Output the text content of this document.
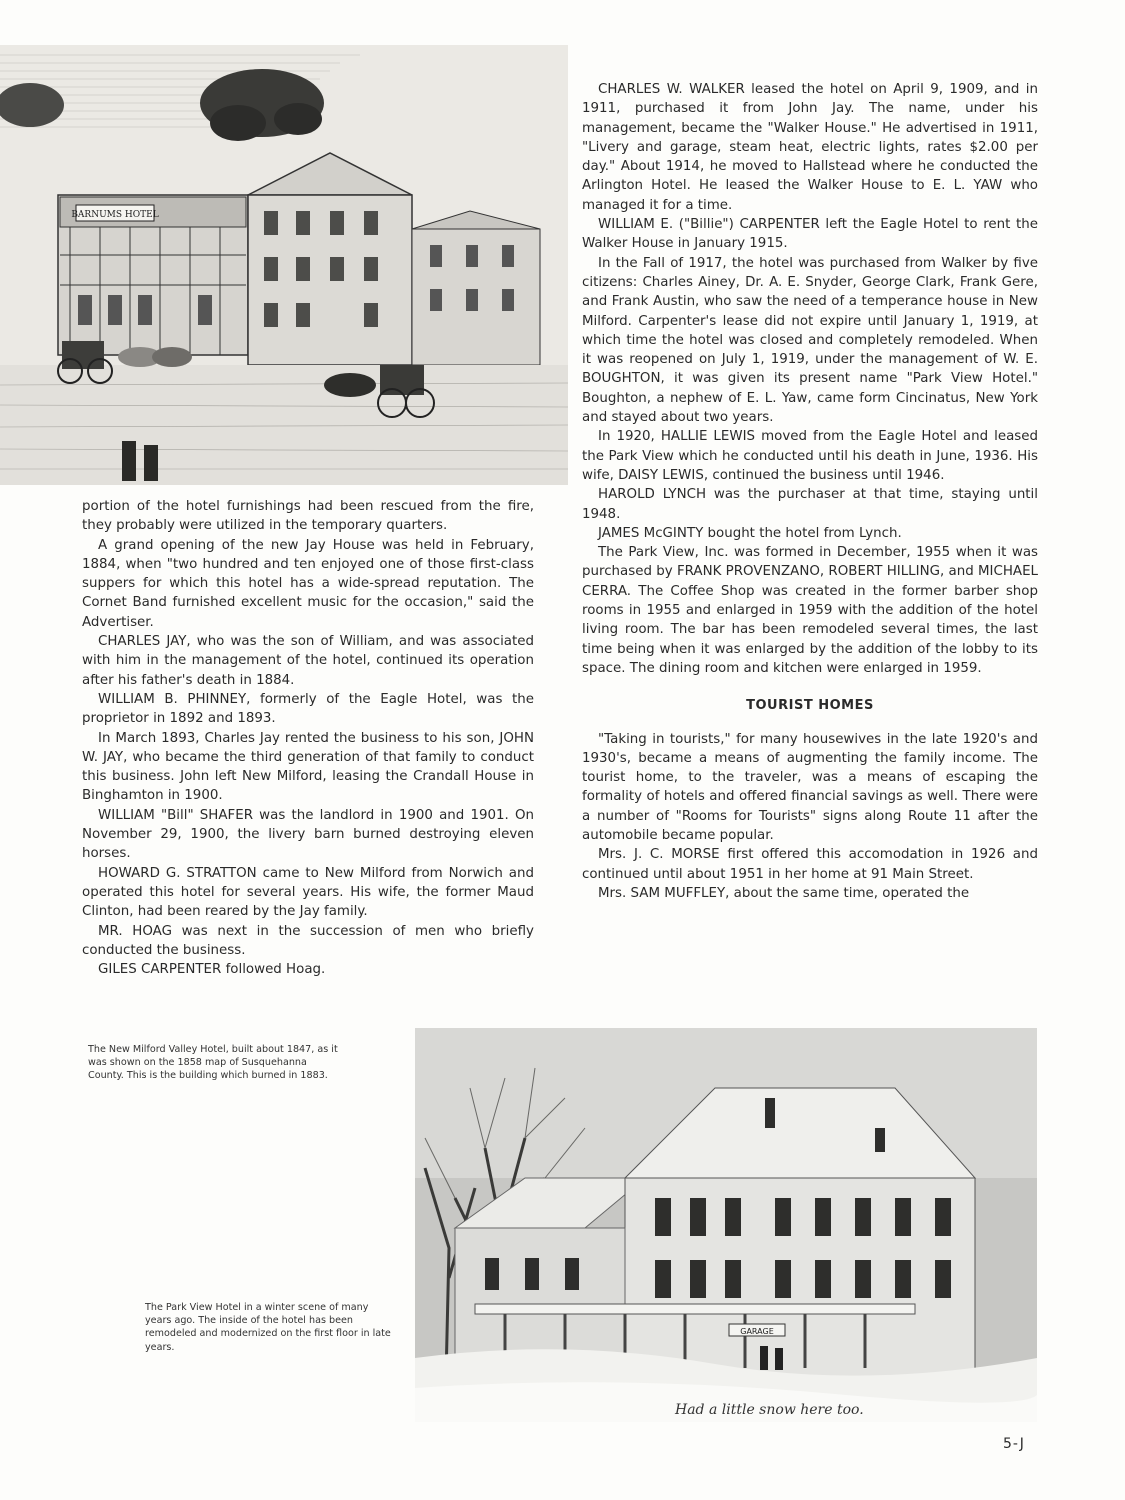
BARNUMS HOTEL

portion of the hotel furnishings had been rescued from the fire, they probably were utilized in the temporary quarters.

A grand opening of the new Jay House was held in February, 1884, when "two hundred and ten enjoyed one of those first-class suppers for which this hotel has a wide-spread reputation. The Cornet Band furnished excellent music for the occasion," said the Advertiser.

CHARLES JAY, who was the son of William, and was associated with him in the management of the hotel, continued its operation after his father's death in 1884.

WILLIAM B. PHINNEY, formerly of the Eagle Hotel, was the proprietor in 1892 and 1893.

In March 1893, Charles Jay rented the business to his son, JOHN W. JAY, who became the third generation of that family to conduct this business. John left New Milford, leasing the Crandall House in Binghamton in 1900.

WILLIAM "Bill" SHAFER was the landlord in 1900 and 1901. On November 29, 1900, the livery barn burned destroying eleven horses.

HOWARD G. STRATTON came to New Milford from Norwich and operated this hotel for several years. His wife, the former Maud Clinton, had been reared by the Jay family.

MR. HOAG was next in the succession of men who briefly conducted the business.

GILES CARPENTER followed Hoag.

CHARLES W. WALKER leased the hotel on April 9, 1909, and in 1911, purchased it from John Jay. The name, under his management, became the "Walker House." He advertised in 1911, "Livery and garage, steam heat, electric lights, rates $2.00 per day." About 1914, he moved to Hallstead where he conducted the Arlington Hotel. He leased the Walker House to E. L. YAW who managed it for a time.

WILLIAM E. ("Billie") CARPENTER left the Eagle Hotel to rent the Walker House in January 1915.

In the Fall of 1917, the hotel was purchased from Walker by five citizens: Charles Ainey, Dr. A. E. Snyder, George Clark, Frank Gere, and Frank Austin, who saw the need of a temperance house in New Milford. Carpenter's lease did not expire until January 1, 1919, at which time the hotel was closed and completely remodeled. When it was reopened on July 1, 1919, under the management of W. E. BOUGHTON, it was given its present name "Park View Hotel." Boughton, a nephew of E. L. Yaw, came form Cincinatus, New York and stayed about two years.

In 1920, HALLIE LEWIS moved from the Eagle Hotel and leased the Park View which he conducted until his death in June, 1936. His wife, DAISY LEWIS, continued the business until 1946.

HAROLD LYNCH was the purchaser at that time, staying until 1948.

JAMES McGINTY bought the hotel from Lynch.

The Park View, Inc. was formed in December, 1955 when it was purchased by FRANK PROVENZANO, ROBERT HILLING, and MICHAEL CERRA. The Coffee Shop was created in the former barber shop rooms in 1955 and enlarged in 1959 with the addition of the hotel living room. The bar has been remodeled several times, the last time being when it was enlarged by the addition of the lobby to its space. The dining room and kitchen were enlarged in 1959.

TOURIST HOMES

"Taking in tourists," for many housewives in the late 1920's and 1930's, became a means of augmenting the family income. The tourist home, to the traveler, was a means of escaping the formality of hotels and offered financial savings as well. There were a number of "Rooms for Tourists" signs along Route 11 after the automobile became popular.

Mrs. J. C. MORSE first offered this accomodation in 1926 and continued until about 1951 in her home at 91 Main Street.

Mrs. SAM MUFFLEY, about the same time, operated the

The New Milford Valley Hotel, built about 1847, as it was shown on the 1858 map of Susquehanna County. This is the building which burned in 1883.
The Park View Hotel in a winter scene of many years ago. The inside of the hotel has been remodeled and modernized on the first floor in late years.
GARAGE
Had a little snow here too.
5-J
